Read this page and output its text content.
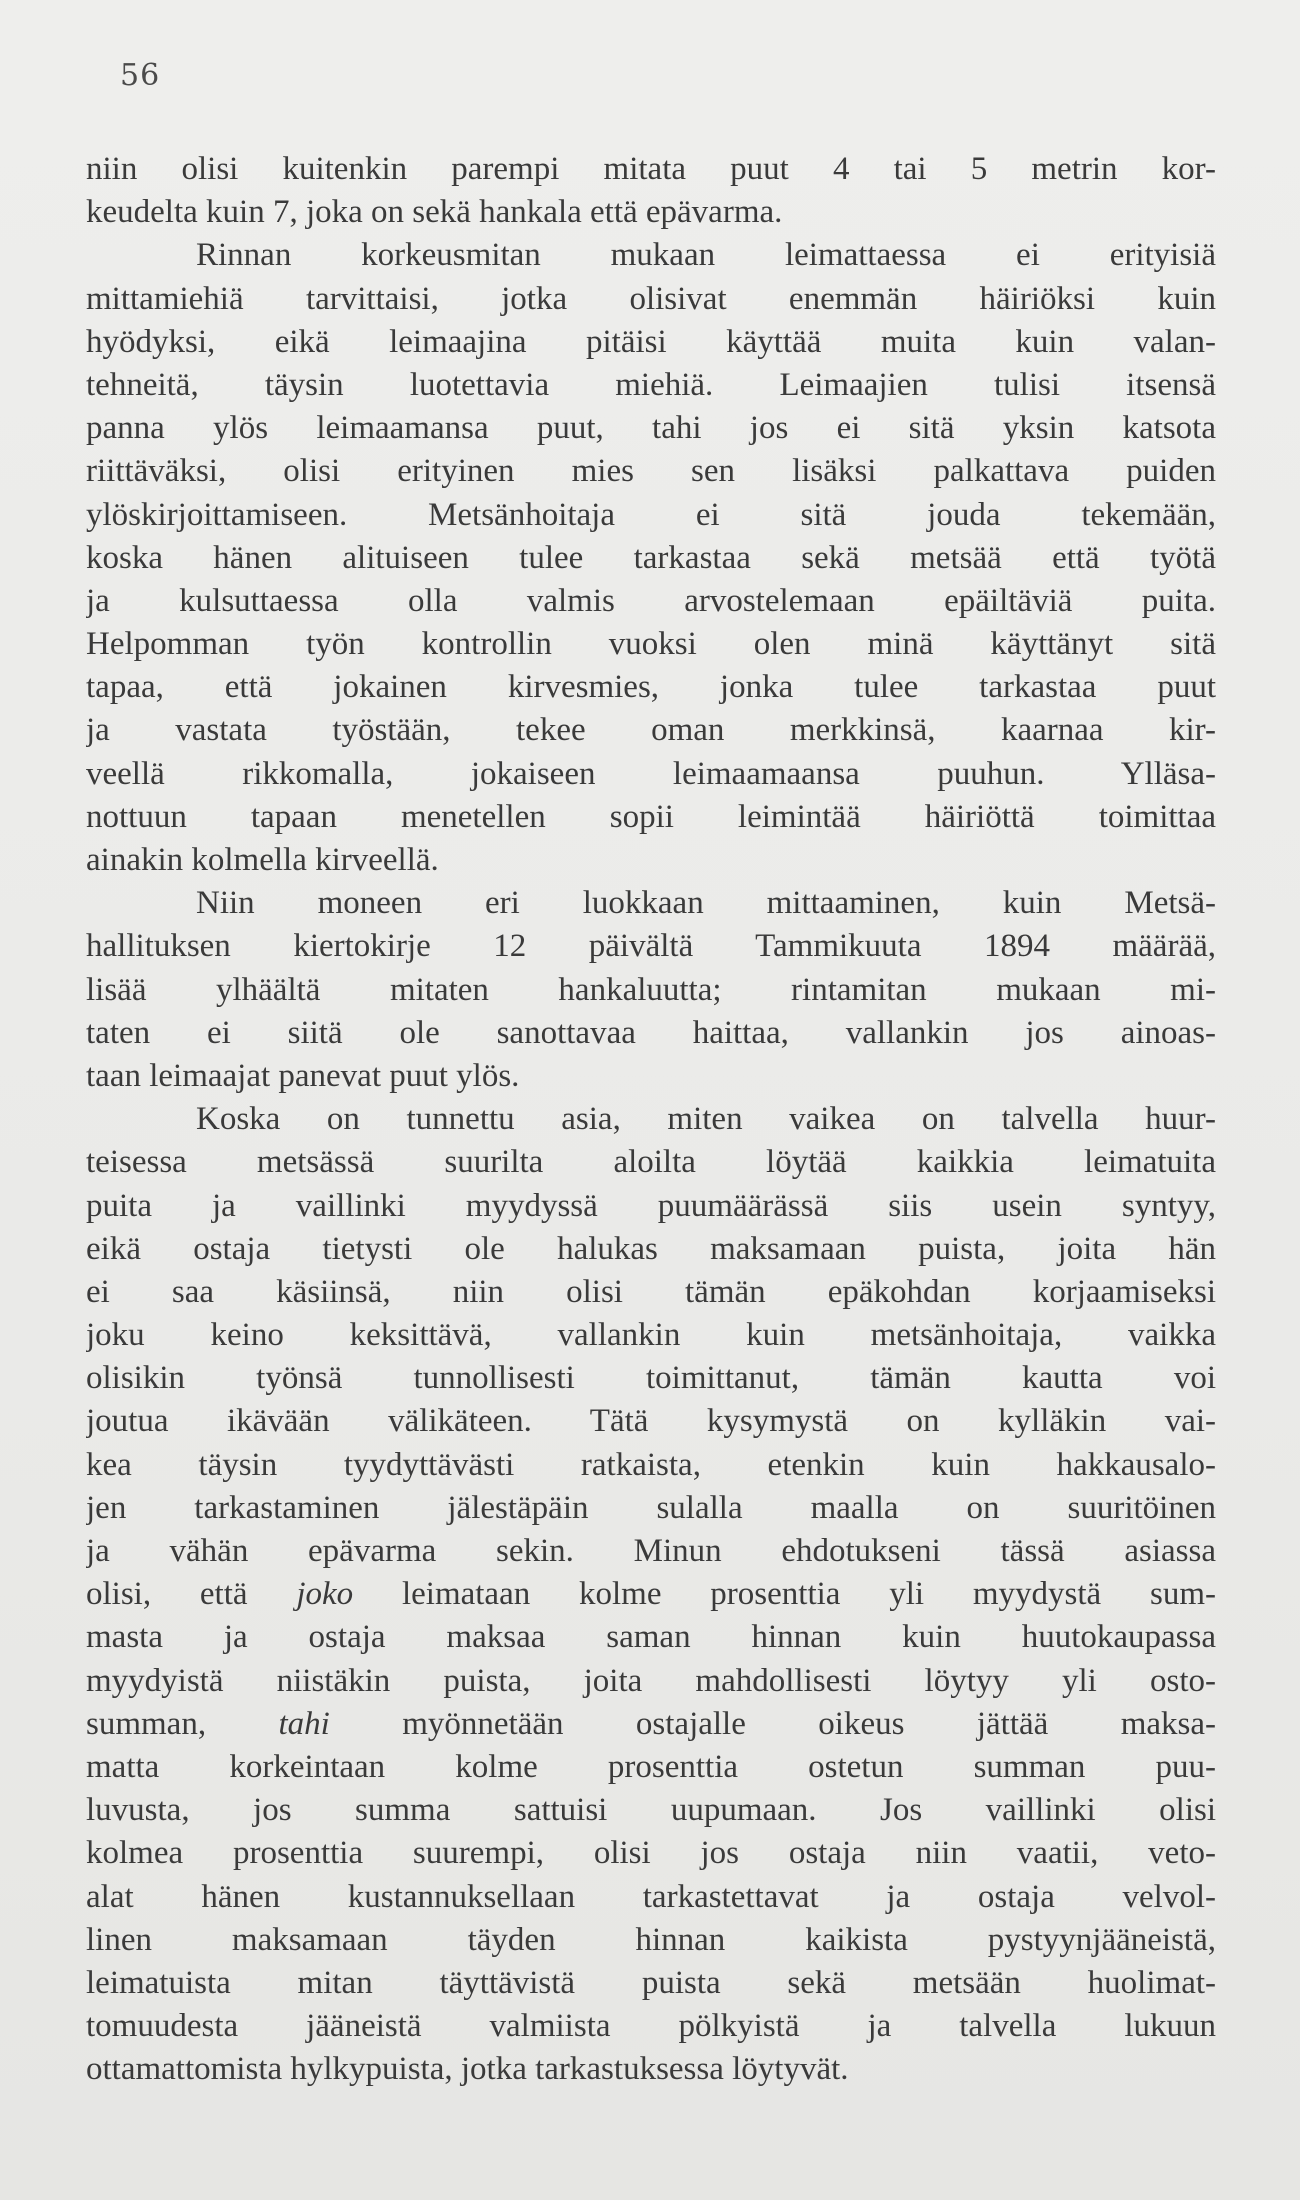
56
niin olisi kuitenkin parempi mitata puut 4 tai 5 metrin kor-
keudelta kuin 7, joka on sekä hankala että epävarma.
Rinnan korkeusmitan mukaan leimattaessa ei erityisiä
mittamiehiä tarvittaisi, jotka olisivat enemmän häiriöksi kuin
hyödyksi, eikä leimaajina pitäisi käyttää muita kuin valan-
tehneitä, täysin luotettavia miehiä. Leimaajien tulisi itsensä
panna ylös leimaamansa puut, tahi jos ei sitä yksin katsota
riittäväksi, olisi erityinen mies sen lisäksi palkattava puiden
ylöskirjoittamiseen. Metsänhoitaja ei sitä jouda tekemään,
koska hänen alituiseen tulee tarkastaa sekä metsää että työtä
ja kulsuttaessa olla valmis arvostelemaan epäiltäviä puita.
Helpomman työn kontrollin vuoksi olen minä käyttänyt sitä
tapaa, että jokainen kirvesmies, jonka tulee tarkastaa puut
ja vastata työstään, tekee oman merkkinsä, kaarnaa kir-
veellä rikkomalla, jokaiseen leimaamaansa puuhun. Ylläsa-
nottuun tapaan menetellen sopii leimintää häiriöttä toimittaa
ainakin kolmella kirveellä.
Niin moneen eri luokkaan mittaaminen, kuin Metsä-
hallituksen kiertokirje 12 päivältä Tammikuuta 1894 määrää,
lisää ylhäältä mitaten hankaluutta; rintamitan mukaan mi-
taten ei siitä ole sanottavaa haittaa, vallankin jos ainoas-
taan leimaajat panevat puut ylös.
Koska on tunnettu asia, miten vaikea on talvella huur-
teisessa metsässä suurilta aloilta löytää kaikkia leimatuita
puita ja vaillinki myydyssä puumäärässä siis usein syntyy,
eikä ostaja tietysti ole halukas maksamaan puista, joita hän
ei saa käsiinsä, niin olisi tämän epäkohdan korjaamiseksi
joku keino keksittävä, vallankin kuin metsänhoitaja, vaikka
olisikin työnsä tunnollisesti toimittanut, tämän kautta voi
joutua ikävään välikäteen. Tätä kysymystä on kylläkin vai-
kea täysin tyydyttävästi ratkaista, etenkin kuin hakkausalo-
jen tarkastaminen jälestäpäin sulalla maalla on suuritöinen
ja vähän epävarma sekin. Minun ehdotukseni tässä asiassa
olisi, että joko leimataan kolme prosenttia yli myydystä sum-
masta ja ostaja maksaa saman hinnan kuin huutokaupassa
myydyistä niistäkin puista, joita mahdollisesti löytyy yli osto-
summan, tahi myönnetään ostajalle oikeus jättää maksa-
matta korkeintaan kolme prosenttia ostetun summan puu-
luvusta, jos summa sattuisi uupumaan. Jos vaillinki olisi
kolmea prosenttia suurempi, olisi jos ostaja niin vaatii, veto-
alat hänen kustannuksellaan tarkastettavat ja ostaja velvol-
linen maksamaan täyden hinnan kaikista pystyynjääneistä,
leimatuista mitan täyttävistä puista sekä metsään huolimat-
tomuudesta jääneistä valmiista pölkyistä ja talvella lukuun
ottamattomista hylkypuista, jotka tarkastuksessa löytyvät.
